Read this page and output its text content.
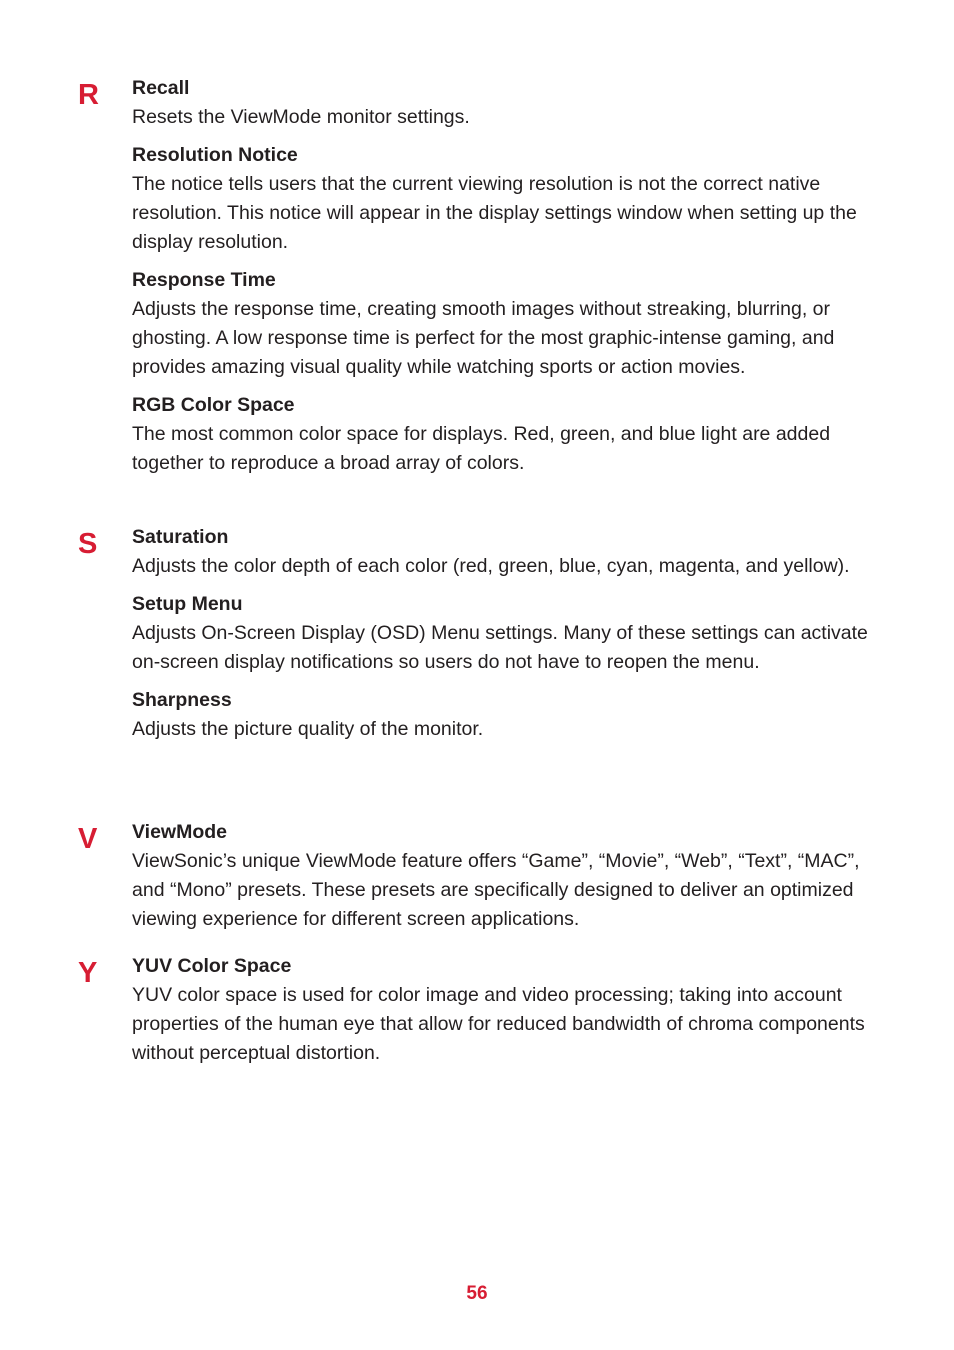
R Recall

Resets the ViewMode monitor settings.

Resolution Notice

The notice tells users that the current viewing resolution is not the correct native resolution. This notice will appear in the display settings window when setting up the display resolution.

Response Time

Adjusts the response time, creating smooth images without streaking, blurring, or ghosting. A low response time is perfect for the most graphic-intense gaming, and provides amazing visual quality while watching sports or action movies.

RGB Color Space

The most common color space for displays. Red, green, and blue light are added together to reproduce a broad array of colors.

S Saturation

Adjusts the color depth of each color (red, green, blue, cyan, magenta, and yellow).

Setup Menu

Adjusts On-Screen Display (OSD) Menu settings. Many of these settings can activate on-screen display notifications so users do not have to reopen the menu.

Sharpness

Adjusts the picture quality of the monitor.

V ViewMode

ViewSonic’s unique ViewMode feature offers “Game”, “Movie”, “Web”, “Text”, “MAC”, and “Mono” presets. These presets are specifically designed to deliver an optimized viewing experience for different screen applications.

Y YUV Color Space

YUV color space is used for color image and video processing; taking into account properties of the human eye that allow for reduced bandwidth of chroma components without perceptual distortion.

56
